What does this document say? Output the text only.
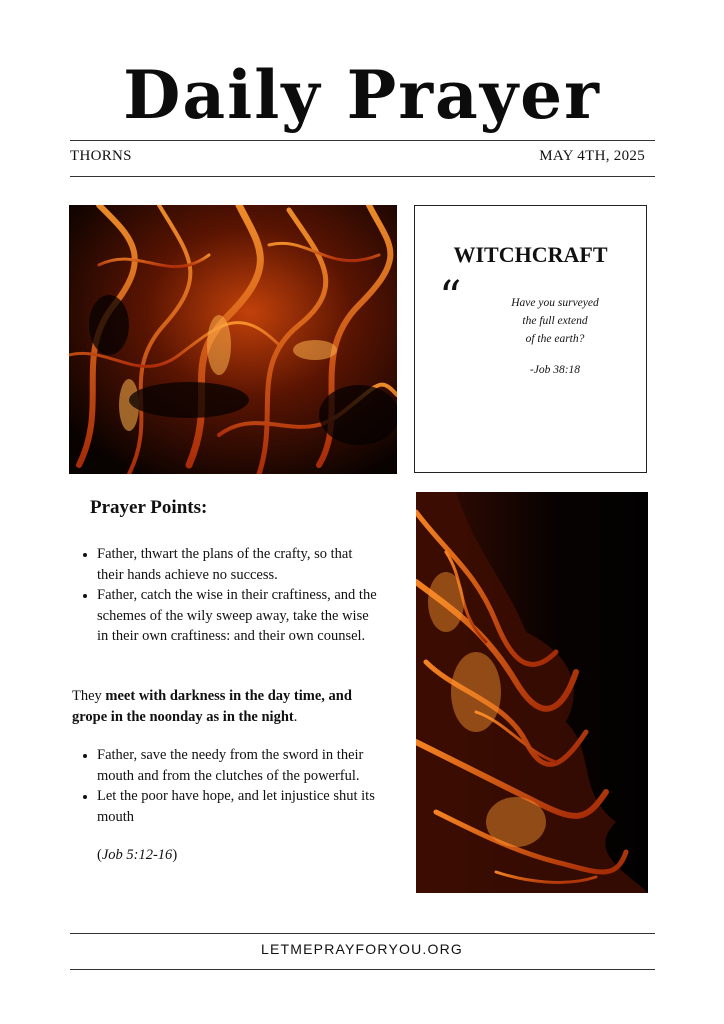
Daily Prayer
THORNS	MAY 4TH, 2025
WITCHCRAFT
“	Have you surveyed
the full extend
of the earth?
-Job 38:18
Prayer Points:
• Father, thwart the plans of the crafty, so that their hands achieve no success.
• Father, catch the wise in their craftiness, and the schemes of the wily sweep away, take the wise in their own craftiness: and their own counsel.
They meet with darkness in the day time, and grope in the noonday as in the night.
• Father, save the needy from the sword in their mouth and from the clutches of the powerful.
• Let the poor have hope, and let injustice shut its mouth
(Job 5:12-16)
LETMEPRAYFORYOU.ORG
